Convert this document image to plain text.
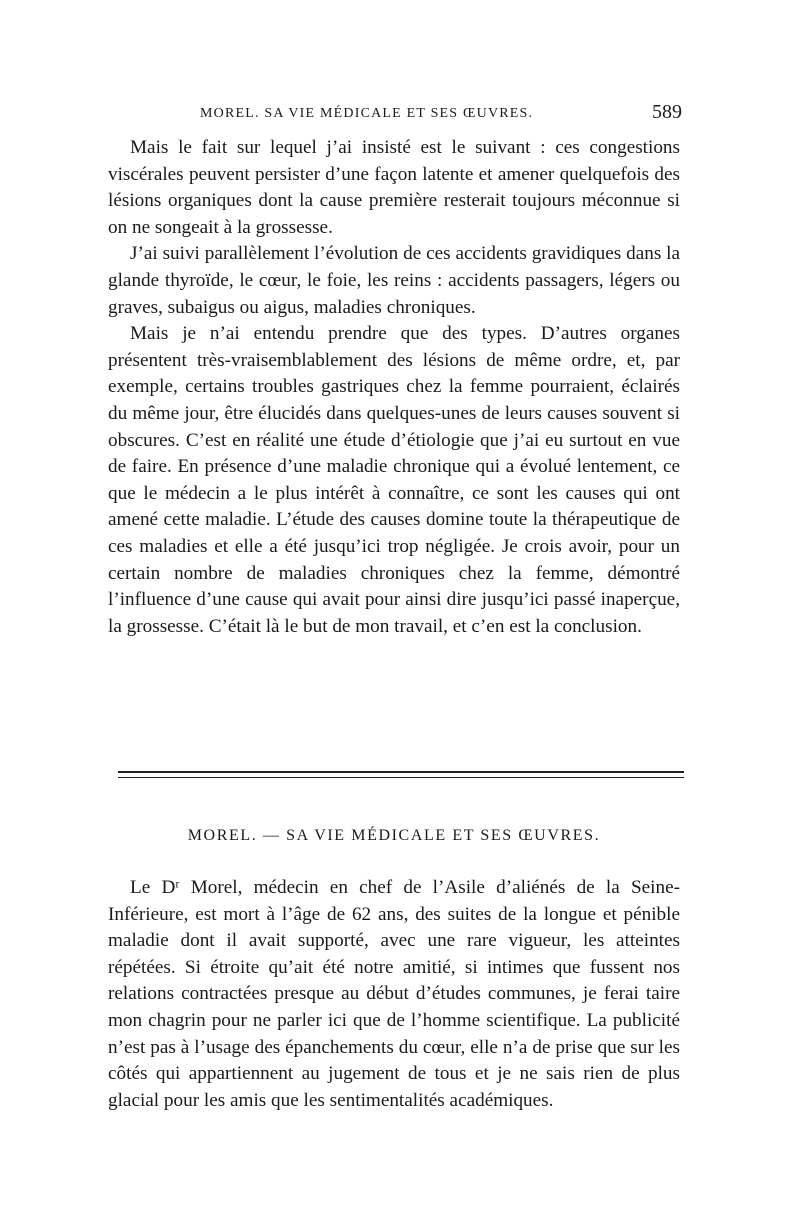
MOREL. SA VIE MÉDICALE ET SES ŒUVRES.	589

Mais le fait sur lequel j’ai insisté est le suivant : ces congestions viscérales peuvent persister d’une façon latente et amener quelquefois des lésions organiques dont la cause première resterait toujours méconnue si on ne songeait à la grossesse.

J’ai suivi parallèlement l’évolution de ces accidents gravidiques dans la glande thyroïde, le cœur, le foie, les reins : accidents passagers, légers ou graves, subaigus ou aigus, maladies chroniques.

Mais je n’ai entendu prendre que des types. D’autres organes présentent très-vraisemblablement des lésions de même ordre, et, par exemple, certains troubles gastriques chez la femme pourraient, éclairés du même jour, être élucidés dans quelques-unes de leurs causes souvent si obscures. C’est en réalité une étude d’étiologie que j’ai eu surtout en vue de faire. En présence d’une maladie chronique qui a évolué lentement, ce que le médecin a le plus intérêt à connaître, ce sont les causes qui ont amené cette maladie. L’étude des causes domine toute la thérapeutique de ces maladies et elle a été jusqu’ici trop négligée. Je crois avoir, pour un certain nombre de maladies chroniques chez la femme, démontré l’influence d’une cause qui avait pour ainsi dire jusqu’ici passé inaperçue, la grossesse. C’était là le but de mon travail, et c’en est la conclusion.

MOREL. — SA VIE MÉDICALE ET SES ŒUVRES.

Le Dʳ Morel, médecin en chef de l’Asile d’aliénés de la Seine-Inférieure, est mort à l’âge de 62 ans, des suites de la longue et pénible maladie dont il avait supporté, avec une rare vigueur, les atteintes répétées. Si étroite qu’ait été notre amitié, si intimes que fussent nos relations contractées presque au début d’études communes, je ferai taire mon chagrin pour ne parler ici que de l’homme scientifique. La publicité n’est pas à l’usage des épanchements du cœur, elle n’a de prise que sur les côtés qui appartiennent au jugement de tous et je ne sais rien de plus glacial pour les amis que les sentimentalités académiques.
